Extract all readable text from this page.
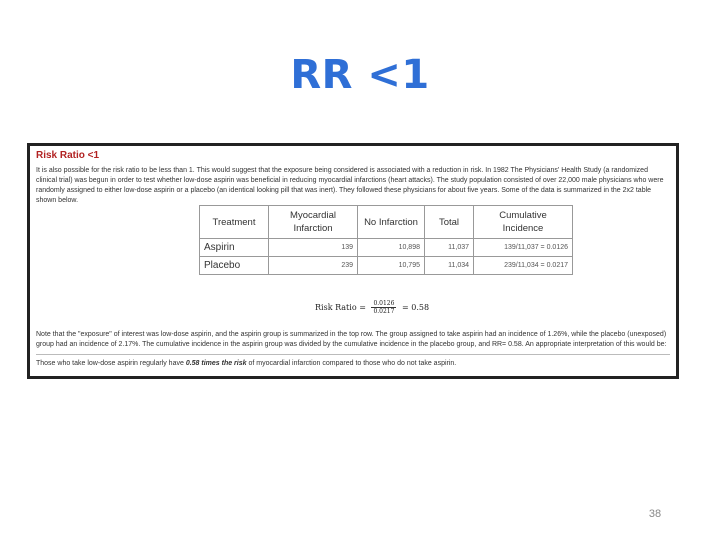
RR <1
Risk Ratio <1

It is also possible for the risk ratio to be less than 1. This would suggest that the exposure being considered is associated with a reduction in risk. In 1982 The Physicians' Health Study (a randomized clinical trial) was begun in order to test whether low-dose aspirin was beneficial in reducing myocardial infarctions (heart attacks). The study population consisted of over 22,000 male physicians who were randomly assigned to either low-dose aspirin or a placebo (an identical looking pill that was inert). They followed these physicians for about five years. Some of the data is summarized in the 2x2 table shown below.

Treatment	Myocardial Infarction	No Infarction	Total	Cumulative Incidence
Aspirin	139	10,898	11,037	139/11,037 = 0.0126
Placebo	239	10,795	11,034	239/11,034 = 0.0217
Risk Ratio = $\frac{0.0126}{0.0217} = 0.58$

Note that the "exposure" of interest was low-dose aspirin, and the aspirin group is summarized in the top row. The group assigned to take aspirin had an incidence of 1.26%, while the placebo (unexposed) group had an incidence of 2.17%. The cumulative incidence in the aspirin group was divided by the cumulative incidence in the placebo group, and RR= 0.58. An appropriate interpretation of this would be:

Those who take low-dose aspirin regularly have 0.58 times the risk of myocardial infarction compared to those who do not take aspirin.
38
